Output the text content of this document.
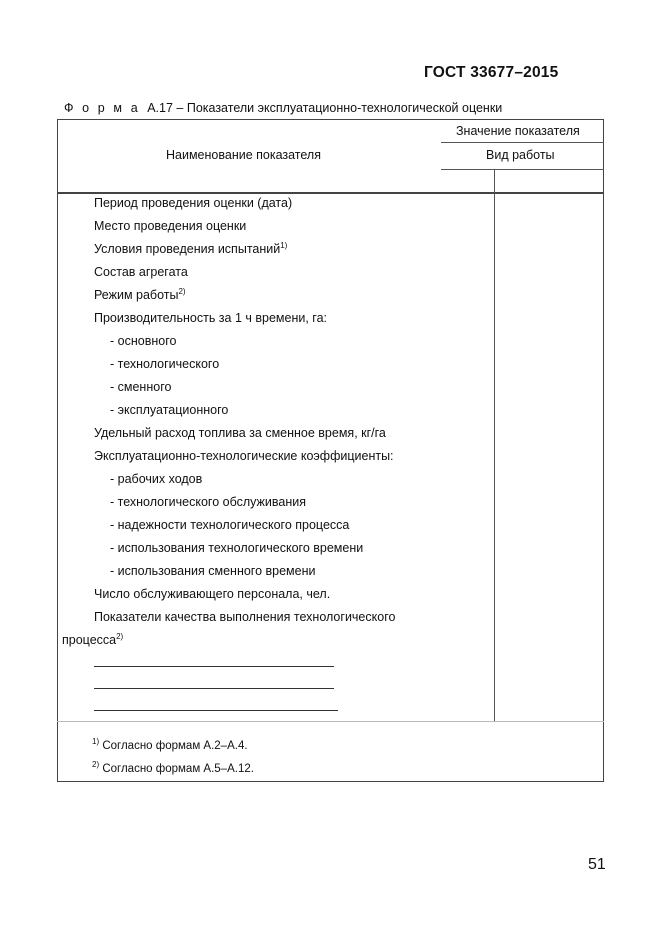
ГОСТ 33677–2015
Ф о р м а А.17 – Показатели эксплуатационно-технологической оценки
Наименование показателя
Значение показателя
Вид работы
Период проведения оценки (дата)
Место проведения оценки
Условия проведения испытаний$^{1)}$
Состав агрегата
Режим работы$^{2)}$
Производительность за 1 ч времени, га:
- основного
- технологического
- сменного
- эксплуатационного
Удельный расход топлива за сменное время, кг/га
Эксплуатационно-технологические коэффициенты:
- рабочих ходов
- технологического обслуживания
- надежности технологического процесса
- использования технологического времени
- использования сменного времени
Число обслуживающего персонала, чел.
Показатели качества выполнения технологического
процесса$^{2)}$
$^{1)}$ Согласно формам А.2–А.4.
$^{2)}$ Согласно формам А.5–А.12.
51
